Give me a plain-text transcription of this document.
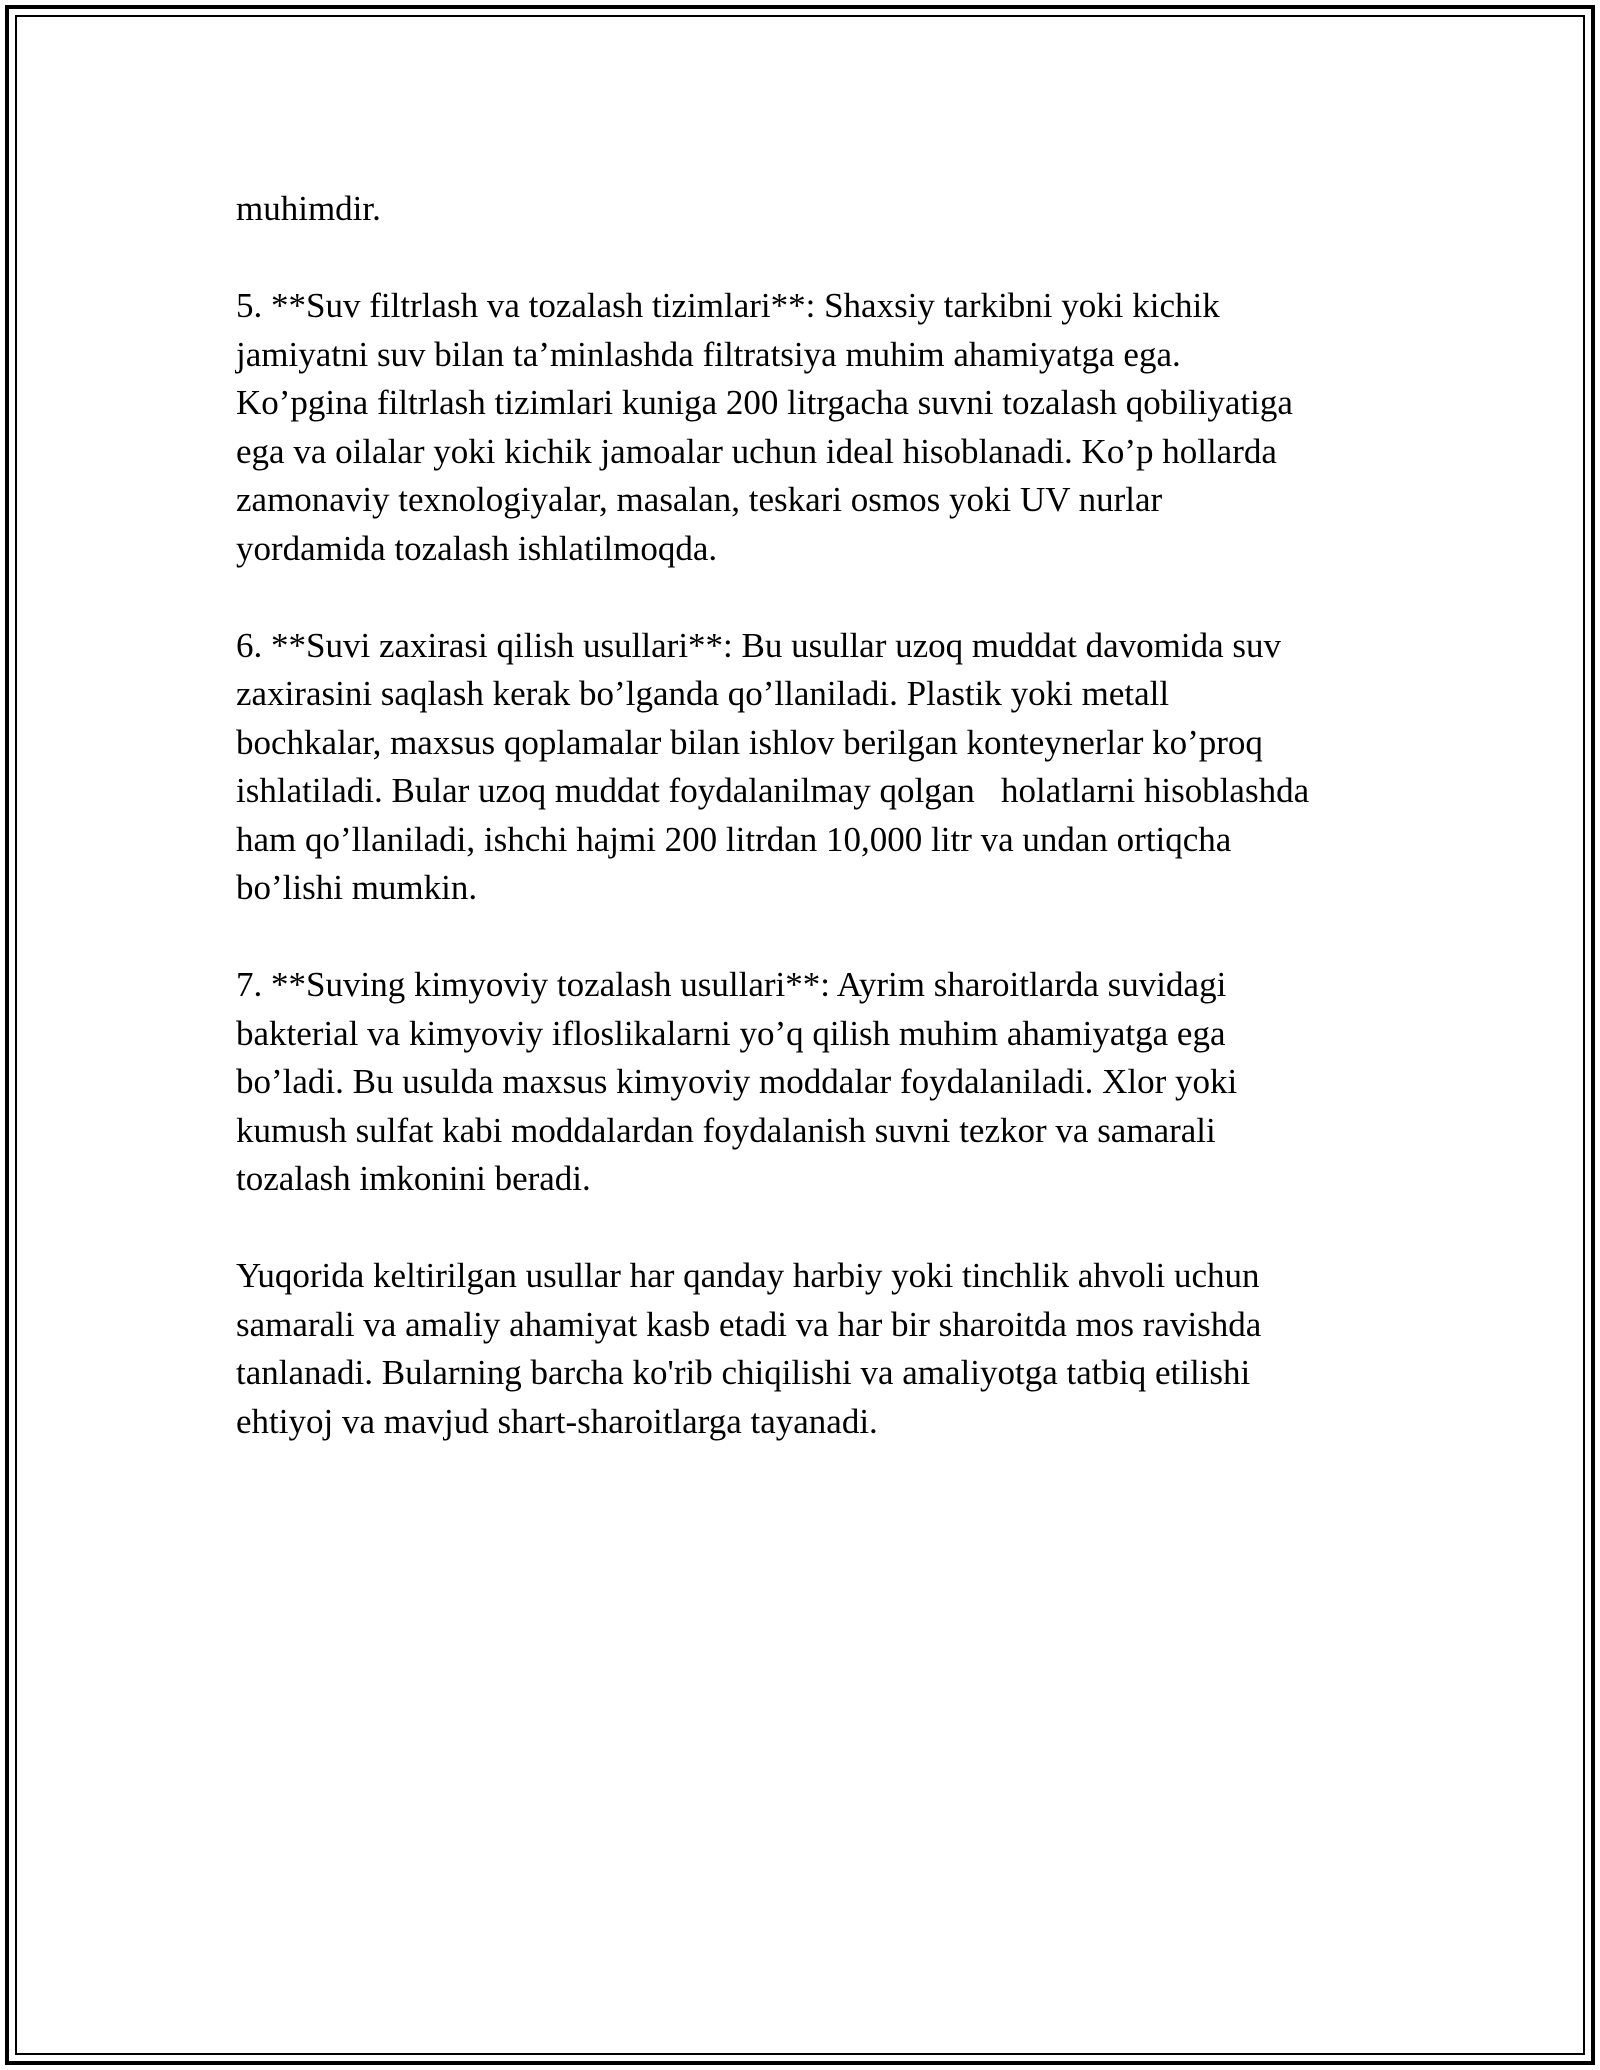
muhimdir.
5. **Suv filtrlash va tozalash tizimlari**: Shaxsiy tarkibni yoki kichik
jamiyatni suv bilan ta’minlashda filtratsiya muhim ahamiyatga ega.
Ko’pgina filtrlash tizimlari kuniga 200 litrgacha suvni tozalash qobiliyatiga
ega va oilalar yoki kichik jamoalar uchun ideal hisoblanadi. Ko’p hollarda
zamonaviy texnologiyalar, masalan, teskari osmos yoki UV nurlar
yordamida tozalash ishlatilmoqda.
6. **Suvi zaxirasi qilish usullari**: Bu usullar uzoq muddat davomida suv
zaxirasini saqlash kerak bo’lganda qo’llaniladi. Plastik yoki metall
bochkalar, maxsus qoplamalar bilan ishlov berilgan konteynerlar ko’proq
ishlatiladi. Bular uzoq muddat foydalanilmay qolgan   holatlarni hisoblashda
ham qo’llaniladi, ishchi hajmi 200 litrdan 10,000 litr va undan ortiqcha
bo’lishi mumkin.
7. **Suving kimyoviy tozalash usullari**: Ayrim sharoitlarda suvidagi
bakterial va kimyoviy ifloslikalarni yo’q qilish muhim ahamiyatga ega
bo’ladi. Bu usulda maxsus kimyoviy moddalar foydalaniladi. Xlor yoki
kumush sulfat kabi moddalardan foydalanish suvni tezkor va samarali
tozalash imkonini beradi.
Yuqorida keltirilgan usullar har qanday harbiy yoki tinchlik ahvoli uchun
samarali va amaliy ahamiyat kasb etadi va har bir sharoitda mos ravishda
tanlanadi. Bularning barcha ko'rib chiqilishi va amaliyotga tatbiq etilishi
ehtiyoj va mavjud shart-sharoitlarga tayanadi.
